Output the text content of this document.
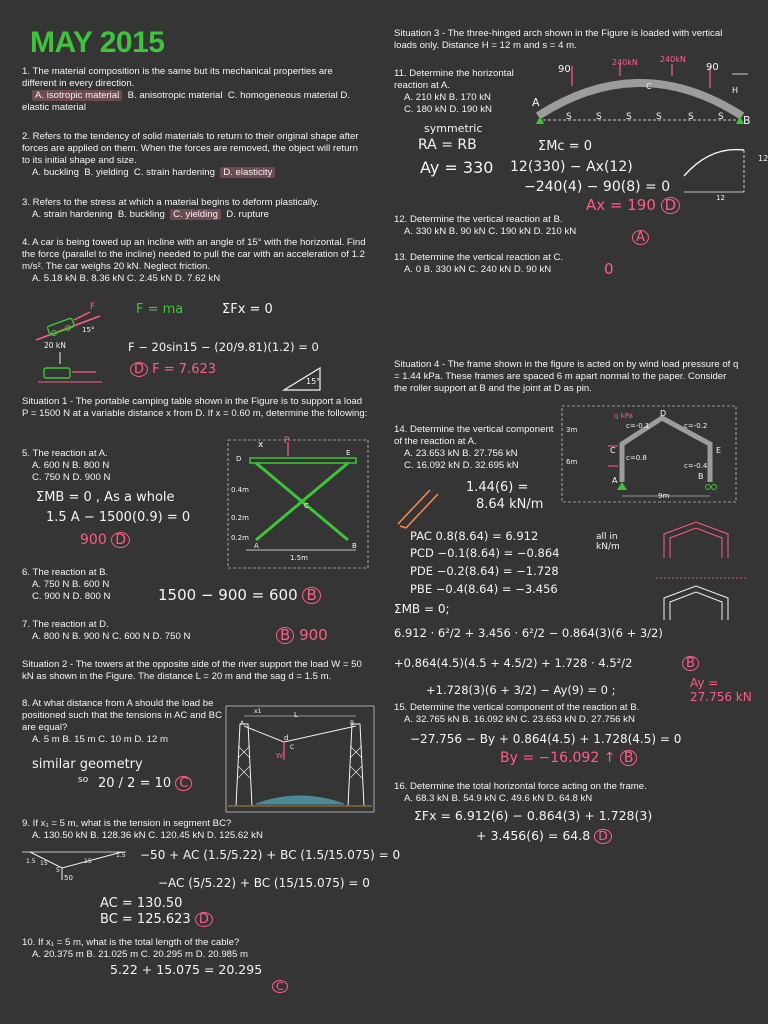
MAY 2015
1. The material composition is the same but its mechanical properties are different in every direction.
A. isotropic material B. anisotropic material C. homogeneous material D. elastic material
2. Refers to the tendency of solid materials to return to their original shape after forces are applied on them. When the forces are removed, the object will return to its initial shape and size.
A. buckling B. yielding C. strain hardening D. elasticity
3. Refers to the stress at which a material begins to deform plastically.
A. strain hardening B. buckling C. yielding D. rupture
4. A car is being towed up an incline with an angle of 15° with the horizontal. Find the force (parallel to the incline) needed to pull the car with an acceleration of 1.2 m/s². The car weighs 20 kN. Neglect friction.
A. 5.18 kN B. 8.36 kN C. 2.45 kN D. 7.62 kN
F
15°
20 kN
F = ma	ΣFx = 0
F − 20sin15 − (20/9.81)(1.2) = 0
D F = 7.623
15°
Situation 1 - The portable camping table shown in the Figure is to support a load P = 1500 N at a variable distance x from D. If x = 0.60 m, determine the following:
x P
D
E
C
A	B
0.4m
0.2m
0.2m
1.5m
5. The reaction at A.
A. 600 N B. 800 N
C. 750 N D. 900 N
ΣMB = 0 , As a whole
1.5 A − 1500(0.9) = 0
900 D
6. The reaction at B.
A. 750 N B. 600 N
C. 900 N D. 800 N	1500 − 900 = 600 B
7. The reaction at D.
A. 800 N B. 900 N C. 600 N D. 750 N	B 900
Situation 2 - The towers at the opposite side of the river support the load W = 50 kN as shown in the Figure. The distance L = 20 m and the sag d = 1.5 m.
8. At what distance from A should the load be positioned such that the tensions in AC and BC are equal?
A. 5 m B. 15 m C. 10 m D. 12 m
similar geometry
so 20 / 2 = 10 C
L
d
W
A
C
B
x1
9. If x₁ = 5 m, what is the tension in segment BC?
A. 130.50 kN B. 128.36 kN C. 120.45 kN D. 125.62 kN
1.5 15
5
50
15
1.5 −50 + AC (1.5/5.22) + BC (1.5/15.075) = 0
−AC (5/5.22) + BC (15/15.075) = 0
AC = 130.50
BC = 125.623 D
10. If x₁ = 5 m, what is the total length of the cable?
A. 20.375 m B. 21.025 m C. 20.295 m D. 20.985 m
5.22 + 15.075 = 20.295
C
Situation 3 - The three-hinged arch shown in the Figure is loaded with vertical loads only. Distance H = 12 m and s = 4 m.
90
240kN	240kN
90
A
B
C	H
S	S	S	S	S	S
11. Determine the horizontal reaction at A.
A. 210 kN B. 170 kN
C. 180 kN D. 190 kN
symmetric
RA = RB
Ay = 330
ΣMc = 0
12(330) − Ax(12)
−240(4) − 90(8) = 0
Ax = 190 D
12
12
12. Determine the vertical reaction at B.
A. 330 kN B. 90 kN C. 190 kN D. 210 kN	A
13. Determine the vertical reaction at C.
A. 0 B. 330 kN C. 240 kN D. 90 kN	0
Situation 4 - The frame shown in the figure is acted on by wind load pressure of q = 1.44 kPa. These frames are spaced 6 m apart normal to the paper. Consider the roller support at B and the joint at D as pin.
q kPa	D
C	E
A	B
c=-0.1	c=-0.2
c=0.8
c=-0.4
3m
6m
9m
14. Determine the vertical component of the reaction at A.
A. 23.653 kN B. 27.756 kN
C. 16.092 kN D. 32.695 kN
1.44(6) =
8.64 kN/m
PAC 0.8(8.64) = 6.912
PCD −0.1(8.64) = −0.864
PDE −0.2(8.64) = −1.728
PBE −0.4(8.64) = −3.456
all in kN/m
ΣMB = 0;
6.912 · 6²/2 + 3.456 · 6²/2 − 0.864(3)(6 + 3/2)
+0.864(4.5)(4.5 + 4.5/2) + 1.728 · 4.5²/2
+1.728(3)(6 + 3/2) − Ay(9) = 0 ;
B
Ay = 27.756 kN
15. Determine the vertical component of the reaction at B.
A. 32.765 kN B. 16.092 kN C. 23.653 kN D. 27.756 kN
−27.756 − By + 0.864(4.5) + 1.728(4.5) = 0
By = −16.092 ↑ B
16. Determine the total horizontal force acting on the frame.
A. 68.3 kN B. 54.9 kN C. 49.6 kN D. 64.8 kN
ΣFx = 6.912(6) − 0.864(3) + 1.728(3)
+ 3.456(6) = 64.8 D
